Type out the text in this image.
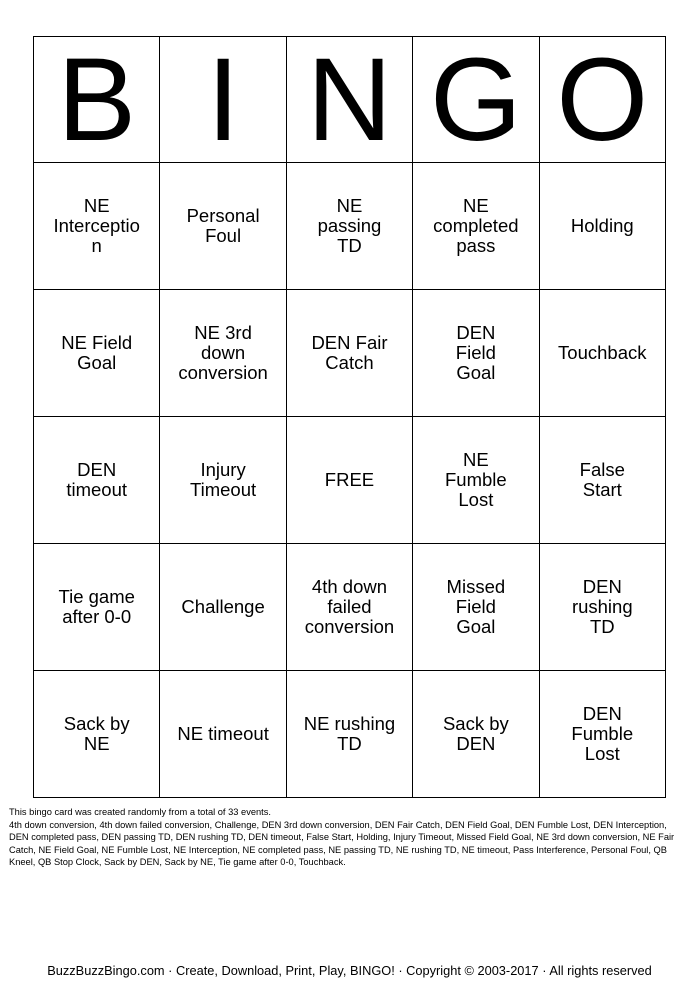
B	I	N	G	O
NE Interception	Personal Foul	NE passing TD	NE completed pass	Holding
NE Field Goal	NE 3rd down conversion	DEN Fair Catch	DEN Field Goal	Touchback
DEN timeout	Injury Timeout	FREE	NE Fumble Lost	False Start
Tie game after 0-0	Challenge	4th down failed conversion	Missed Field Goal	DEN rushing TD
Sack by NE	NE timeout	NE rushing TD	Sack by DEN	DEN Fumble Lost

This bingo card was created randomly from a total of 33 events.

4th down conversion, 4th down failed conversion, Challenge, DEN 3rd down conversion, DEN Fair Catch, DEN Field Goal, DEN Fumble Lost, DEN Interception, DEN completed pass, DEN passing TD, DEN rushing TD, DEN timeout, False Start, Holding, Injury Timeout, Missed Field Goal, NE 3rd down conversion, NE Fair Catch, NE Field Goal, NE Fumble Lost, NE Interception, NE completed pass, NE passing TD, NE rushing TD, NE timeout, Pass Interference, Personal Foul, QB Kneel, QB Stop Clock, Sack by DEN, Sack by NE, Tie game after 0-0, Touchback.

BuzzBuzzBingo.com · Create, Download, Print, Play, BINGO! · Copyright © 2003-2017 · All rights reserved
